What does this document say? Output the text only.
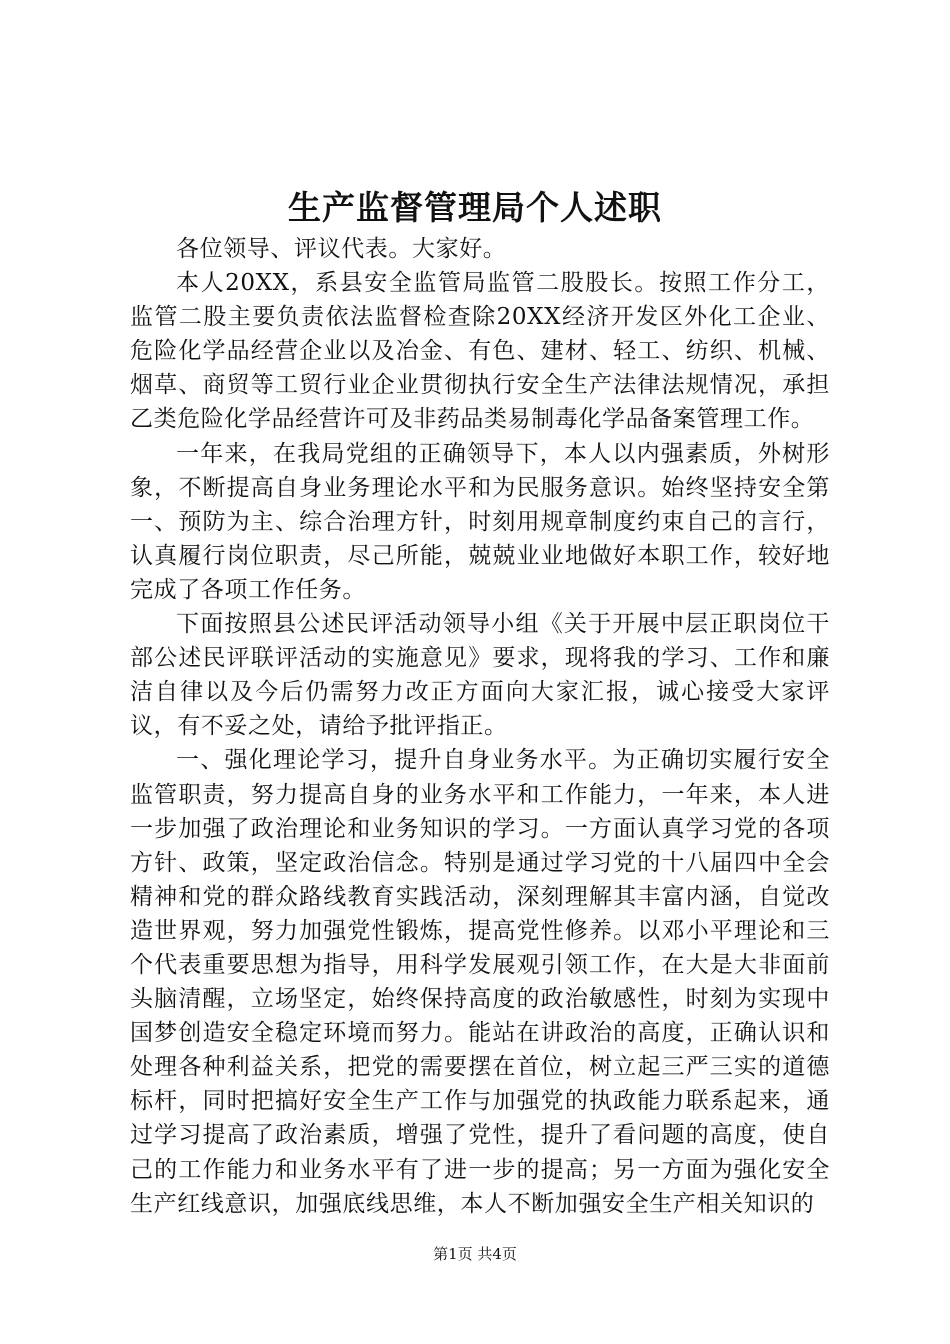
生产监督管理局个人述职

各位领导、评议代表。大家好。

本人20XX，系县安全监管局监管二股股长。按照工作分工，监管二股主要负责依法监督检查除20XX经济开发区外化工企业、危险化学品经营企业以及冶金、有色、建材、轻工、纺织、机械、烟草、商贸等工贸行业企业贯彻执行安全生产法律法规情况，承担乙类危险化学品经营许可及非药品类易制毒化学品备案管理工作。

一年来，在我局党组的正确领导下，本人以内强素质，外树形象，不断提高自身业务理论水平和为民服务意识。始终坚持安全第一、预防为主、综合治理方针，时刻用规章制度约束自己的言行，认真履行岗位职责，尽己所能，兢兢业业地做好本职工作，较好地完成了各项工作任务。

下面按照县公述民评活动领导小组《关于开展中层正职岗位干部公述民评联评活动的实施意见》要求，现将我的学习、工作和廉洁自律以及今后仍需努力改正方面向大家汇报，诚心接受大家评议，有不妥之处，请给予批评指正。

一、强化理论学习，提升自身业务水平。为正确切实履行安全监管职责，努力提高自身的业务水平和工作能力，一年来，本人进一步加强了政治理论和业务知识的学习。一方面认真学习党的各项方针、政策，坚定政治信念。特别是通过学习党的十八届四中全会精神和党的群众路线教育实践活动，深刻理解其丰富内涵，自觉改造世界观，努力加强党性锻炼，提高党性修养。以邓小平理论和三个代表重要思想为指导，用科学发展观引领工作，在大是大非面前头脑清醒，立场坚定，始终保持高度的政治敏感性，时刻为实现中国梦创造安全稳定环境而努力。能站在讲政治的高度，正确认识和处理各种利益关系，把党的需要摆在首位，树立起三严三实的道德标杆，同时把搞好安全生产工作与加强党的执政能力联系起来，通过学习提高了政治素质，增强了党性，提升了看问题的高度，使自己的工作能力和业务水平有了进一步的提高；另一方面为强化安全生产红线意识，加强底线思维，本人不断加强安全生产相关知识的

第1页 共4页
